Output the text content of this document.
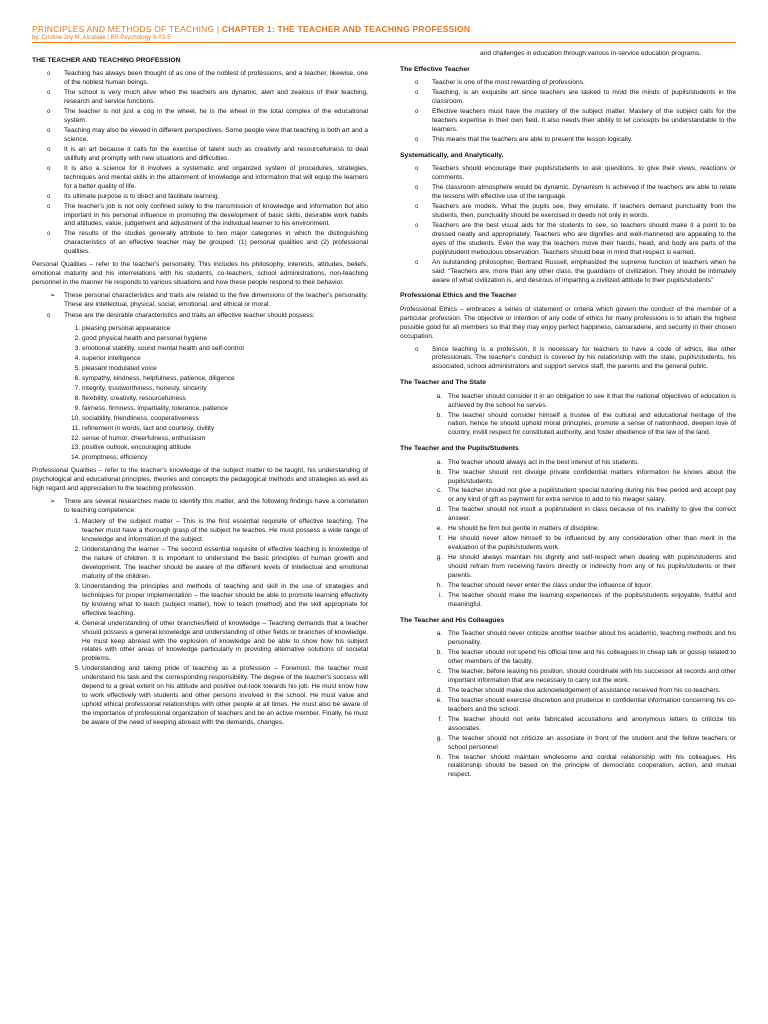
PRINCIPLES AND METHODS OF TEACHING | CHAPTER 1: THE TEACHER AND TEACHING PROFESSION
by: Cristine Joy M. Alcabaie | BS Psychology 3-Y2-5
THE TEACHER AND TEACHING PROFESSION
o Teaching has always been thought of as one of the noblest of professions, and a teacher, likewise, one of the noblest human beings.
o The school is very much alive when the teachers are dynamic, alert and zealous of their teaching, research and service functions.
o The teacher is not just a cog in the wheel, he is the wheel in the total complex of the educational system.
o Teaching may also be viewed in different perspectives. Some people view that teaching is both art and a science.
o It is an art because it calls for the exercise of talent such as creativity and resourcefulness to deal skillfully and promptly with new situations and difficulties.
o It is also a science for it involves a systematic and organized system of procedures, strategies, techniques and mental skills in the attainment of knowledge and information that will equip the learners for a better quality of life.
o Its ultimate purpose is to direct and facilitate learning.
o The teacher's job is not only confined solely to the transmission of knowledge and information but also important in his personal influence in promoting the development of basic skills, desirable work habits and attitudes, value, judgement and adjustment of the individual learner to his environment.
o The results of the studies generally attribute to two major categories in which the distinguishing characteristics of an effective teacher may be grouped: (1) personal qualities and (2) professional qualities.

Personal Qualities – refer to the teacher's personality. This includes his philosophy, interests, attitudes, beliefs, emotional maturity and his interrelations with his students, co-teachers, school administrations, non-teaching personnel in the manner he responds to various situations and how these people respond to their behavior.

➢ These personal characteristics and traits are related to the five dimensions of the teacher's personality. These are intellectual, physical, social, emotional, and ethical or moral.
o These are the desirable characteristics and traits an effective teacher should possess:
1. pleasing personal appearance
2. good physical health and personal hygiene
3. emotional stability, sound mental health and self-control
4. superior intelligence
5. pleasant modulated voice
6. sympathy, kindness, helpfulness, patience, diligence
7. integrity, trustworthiness, honesty, sincerity
8. flexibility, creativity, resourcefulness
9. fairness, firmness, impartiality, tolerance, patience
10. sociability, friendliness, cooperativeness
11. refinement in words, tact and courtesy, civility
12. sense of humor, cheerfulness, enthusiasm
13. positive outlook, encouraging attitude
14. promptness, efficiency

Professional Qualities – refer to the teacher's knowledge of the subject matter to be taught, his understanding of psychological and educational principles, theories and concepts the pedagogical methods and strategies as well as high regard and appreciation to the teaching profession.

➢ There are several researches made to identify this matter, and the following findings have a correlation to teaching competence:
1. Mastery of the subject matter – This is the first essential requisite of effective teaching. The teacher must have a thorough grasp of the subject he teaches. He must possess a wide range of knowledge and information of the subject.
2. Understanding the learner – The second essential requisite of effective teaching is knowledge of the nature of children. It is important to understand the basic principles of human growth and development. The teacher should be aware of the different levels of intellectual and emotional maturity of the children.
3. Understanding the principles and methods of teaching and skill in the use of strategies and techniques for proper implementation – the teacher should be able to promote learning effectivity by knowing what to teach (subject matter), how to teach (method) and the skill appropriate for effective teaching.
4. General understanding of other branches/field of knowledge – Teaching demands that a teacher should possess a general knowledge and understanding of other fields or branches of knowledge. He must keep abreast with the explosion of knowledge and be able to show how his subject relates with other areas of knowledge particularly in providing alternative solutions of societal problems.
5. Understanding and taking pride of teaching as a profession – Foremost, the teacher must understand his task and the corresponding responsibility. The degree of the teacher's success will depend to a great extent on his attitude and positive out-look towards his job. He must know how to work effectively with students and other persons involved in the school. He must value and uphold ethical professional relationships with other people at all times. He must also be aware of the importance of professional organization of teachers and be an active member. Finally, he must be aware of the need of keeping abreast with the demands, changes,

and challenges in education through various in-service education programs.

The Effective Teacher
o Teacher is one of the most rewarding of professions.
o Teaching, is an exquisite art since teachers are tasked to mold the minds of pupils/students in the classroom.
o Effective teachers must have the mastery of the subject matter. Mastery of the subject calls for the teachers expertise in their own field. It also needs their ability to let concepts be understandable to the learners.
o This means that the teachers are able to present the lesson logically.
Systematically, and Analytically.
o Teachers should encourage their pupils/students to ask questions, to give their views, reactions or comments.
o The classroom atmosphere would be dynamic. Dynamism is achieved if the teachers are able to relate the lessons with effective use of the language.
o Teachers are models. What the pupils see, they emulate. If teachers demand punctuality from the students, then, punctuality should be exercised in deeds not only in words.
o Teachers are the best visual aids for the students to see, so teachers should make it a point to be dressed neatly and appropriately. Teachers who are dignifies and well-mannered are appealing to the eyes of the students. Even the way the teachers move their hands, head, and body are parts of the pupil/student meticulous observation. Teachers should bear in mind that respect is earned.
o An outstanding philosopher, Bertrand Russell, emphasized the supreme function of teachers when he said: “Teachers are, more than any other class, the guardians of civilization. They should be intimately aware of what civilization is, and desirous of imparting a civilized attitude to their pupils/students”
Professional Ethics and the Teacher

Professional Ethics – embraces a series of statement or criteria which govern the conduct of the member of a particular profession. The objective or intention of any code of ethics for many professions is to attain the highest possible good for all members so that they may enjoy perfect happiness, camaraderie, and security in their chosen occupation.

o Since teaching is a profession, it is necessary for teachers to have a code of ethics, like other professionals. The teacher's conduct is covered by his relationship with the state, pupils/students, his associated, school administrators and support service staff, the parents and the general public.
The Teacher and The State
a. The teacher should consider it in an obligation to see it that the national objectives of education is achieved by the school he serves.
b. The teacher should consider himself a trustee of the cultural and educational heritage of the nation, hence he should uphold moral principles, promote a sense of nationhood, deepen love of country, instill respect for constituted authority, and foster obedience of the law of the land.
The Teacher and the Pupils/Students
a. The teacher should always act in the best interest of his students.
b. The teacher should not divulge private confidential matters information he knows about the pupils/students.
c. The teacher should not give a pupil/student special tutoring during his free period and accept pay or any kind of gift as payment for extra service to add to his meager salary.
d. The teacher should not insult a pupil/student in class because of his inability to give the correct answer.
e. He should be firm but gentle in matters of discipline.
f. He should never allow himself to be influenced by any consideration other than merit in the evaluation of the pupils/students work.
g. He should always maintain his dignity and self-respect when dealing with pupils/students and should refrain from receiving favors directly or indirectly from any of his pupils/students or their parents.
h. The teacher should never enter the class under the influence of liquor.
i. The teacher should make the learning experiences of the pupils/students enjoyable, fruitful and meaningful.
The Teacher and His Colleagues
a. The Teacher should never criticize another teacher about his academic, teaching methods and his personality.
b. The teacher should not spend his official time and his colleagues in cheap talk or gossip related to other members of the faculty.
c. The teacher, before leaving his position, should coordinate with his successor all records and other important information that are necessary to carry out the work.
d. The teacher should make due acknowledgement of assistance received from his co-teachers.
e. The teacher should exercise discretion and prudence in confidential information concerning his co-teachers and the school.
f. The teacher should not write fabricated accusations and anonymous letters to criticize his associates.
g. The teacher should not criticize an associate in front of the student and the fellow teachers or school personnel
h. The teacher should maintain wholesome and cordial relationship with his colleagues. His relationship should be based on the principle of democratic cooperation, action, and mutual respect.
